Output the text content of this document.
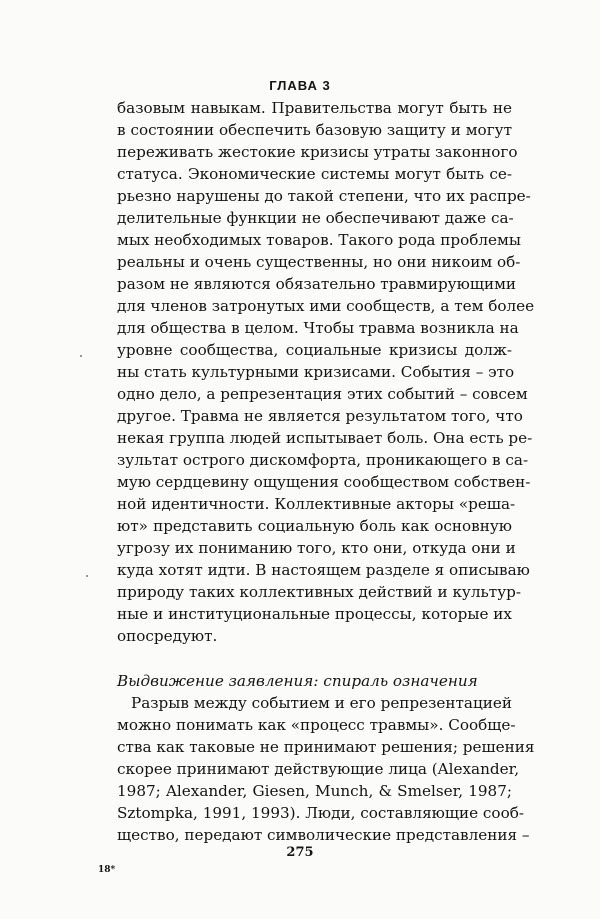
ГЛАВА 3
базовым навыкам. Правительства могут быть не
в состоянии обеспечить базовую защиту и могут
переживать жестокие кризисы утраты законного
статуса. Экономические системы могут быть се-
рьезно нарушены до такой степени, что их распре-
делительные функции не обеспечивают даже са-
мых необходимых товаров. Такого рода проблемы
реальны и очень существенны, но они никоим об-
разом не являются обязательно травмирующими
для членов затронутых ими сообществ, а тем более
для общества в целом. Чтобы травма возникла на
уровне сообщества, социальные кризисы долж-
ны стать культурными кризисами. События – это
одно дело, а репрезентация этих событий – совсем
другое. Травма не является результатом того, что
некая группа людей испытывает боль. Она есть ре-
зультат острого дискомфорта, проникающего в са-
мую сердцевину ощущения сообществом собствен-
ной идентичности. Коллективные акторы «реша-
ют» представить социальную боль как основную
угрозу их пониманию того, кто они, откуда они и
куда хотят идти. В настоящем разделе я описываю
природу таких коллективных действий и культур-
ные и институциональные процессы, которые их
опосредуют.
Выдвижение заявления: спираль означения
Разрыв между событием и его репрезентацией
можно понимать как «процесс травмы». Сообще-
ства как таковые не принимают решения; решения
скорее принимают действующие лица (Alexander,
1987; Alexander, Giesen, Munch, & Smelser, 1987;
Sztompka, 1991, 1993). Люди, составляющие сооб-
щество, передают символические представления –
275
18*
